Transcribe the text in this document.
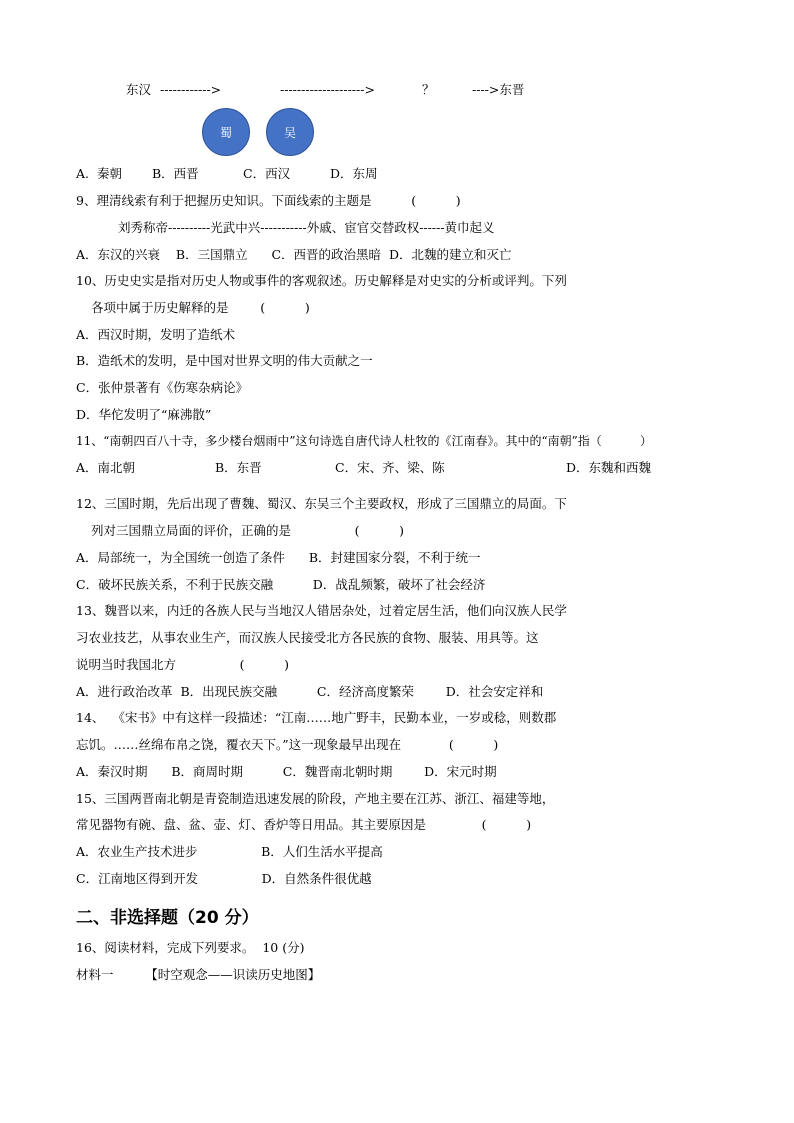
东汉 ------------>	-------------------->	？	---->东晋
蜀	吴
A.  秦朝 B．西晋	C．西汉	D．东周
9、理清线索有利于把握历史知识。下面线索的主题是          (          )
刘秀称帝----------光武中兴-----------外戚、宦官交替政权------黄巾起义
A．东汉的兴衰    B．三国鼎立      C．西晋的政治黑暗  D．北魏的建立和灭亡
10、历史史实是指对历史人物或事件的客观叙述。历史解释是对史实的分析或评判。下列
各项中属于历史解释的是        (          )
A．西汉时期，发明了造纸术
B．造纸术的发明，是中国对世界文明的伟大贡献之一
C．张仲景著有《伤寒杂病论》
D．华佗发明了“麻沸散”
11、“南朝四百八十寺，多少楼台烟雨中”这句诗选自唐代诗人杜牧的《江南春》。其中的“南朝”指（          ）
A．南北朝	B．东晋	C．宋、齐、梁、陈	D．东魏和西魏
12、三国时期，先后出现了曹魏、蜀汉、东吴三个主要政权，形成了三国鼎立的局面。下
列对三国鼎立局面的评价，正确的是                (          )
A．局部统一，为全国统一创造了条件      B．封建国家分裂，不利于统一
C．破坏民族关系，不利于民族交融          D．战乱频繁，破坏了社会经济
13、魏晋以来，内迁的各族人民与当地汉人错居杂处，过着定居生活，他们向汉族人民学
习农业技艺，从事农业生产，而汉族人民接受北方各民族的食物、服装、用具等。这
说明当时我国北方                (          )
A．进行政治改革  B．出现民族交融          C．经济高度繁荣        D．社会安定祥和
14、  《宋书》中有这样一段描述：“江南……地广野丰，民勤本业，一岁或稔，则数郡
忘饥。……丝绵布帛之饶，覆衣天下。”这一现象最早出现在            (          )
A．秦汉时期      B．商周时期          C．魏晋南北朝时期        D．宋元时期
15、三国两晋南北朝是青瓷制造迅速发展的阶段，产地主要在江苏、浙江、福建等地，
常见器物有碗、盘、盆、壶、灯、香炉等日用品。其主要原因是              (          )
A．农业生产技术进步                B．人们生活水平提高
C．江南地区得到开发                D．自然条件很优越
二、非选择题（20 分）
16、阅读材料，完成下列要求。  10 (分)
材料一        【时空观念——识读历史地图】
